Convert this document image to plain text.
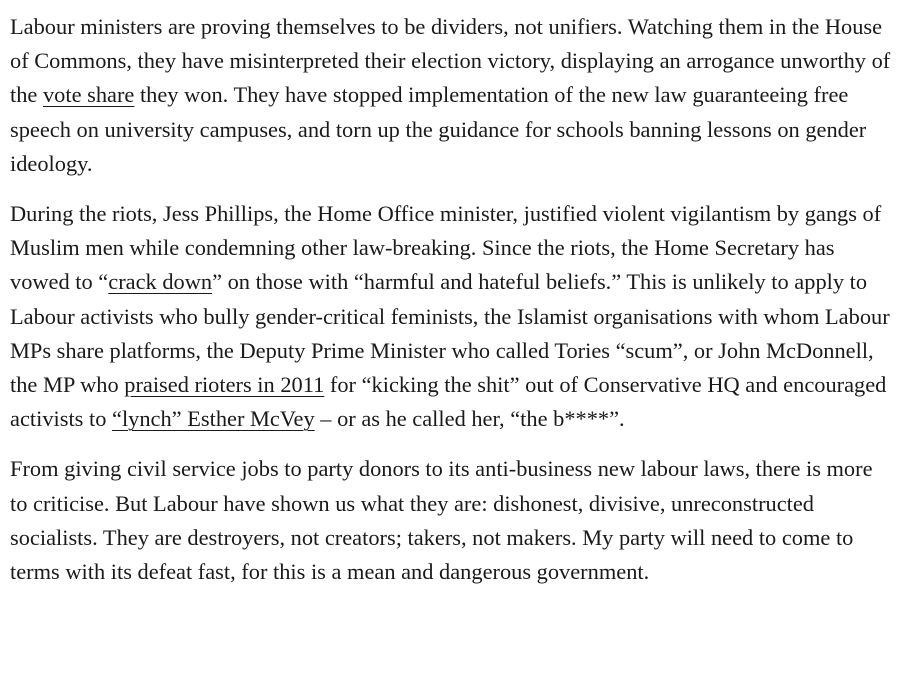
Labour ministers are proving themselves to be dividers, not unifiers. Watching them in the House of Commons, they have misinterpreted their election victory, displaying an arrogance unworthy of the vote share they won. They have stopped implementation of the new law guaranteeing free speech on university campuses, and torn up the guidance for schools banning lessons on gender ideology.

During the riots, Jess Phillips, the Home Office minister, justified violent vigilantism by gangs of Muslim men while condemning other law-breaking. Since the riots, the Home Secretary has vowed to “crack down” on those with “harmful and hateful beliefs.” This is unlikely to apply to Labour activists who bully gender-critical feminists, the Islamist organisations with whom Labour MPs share platforms, the Deputy Prime Minister who called Tories “scum”, or John McDonnell, the MP who praised rioters in 2011 for “kicking the shit” out of Conservative HQ and encouraged activists to “lynch” Esther McVey – or as he called her, “the b****”.

From giving civil service jobs to party donors to its anti-business new labour laws, there is more to criticise. But Labour have shown us what they are: dishonest, divisive, unreconstructed socialists. They are destroyers, not creators; takers, not makers. My party will need to come to terms with its defeat fast, for this is a mean and dangerous government.
